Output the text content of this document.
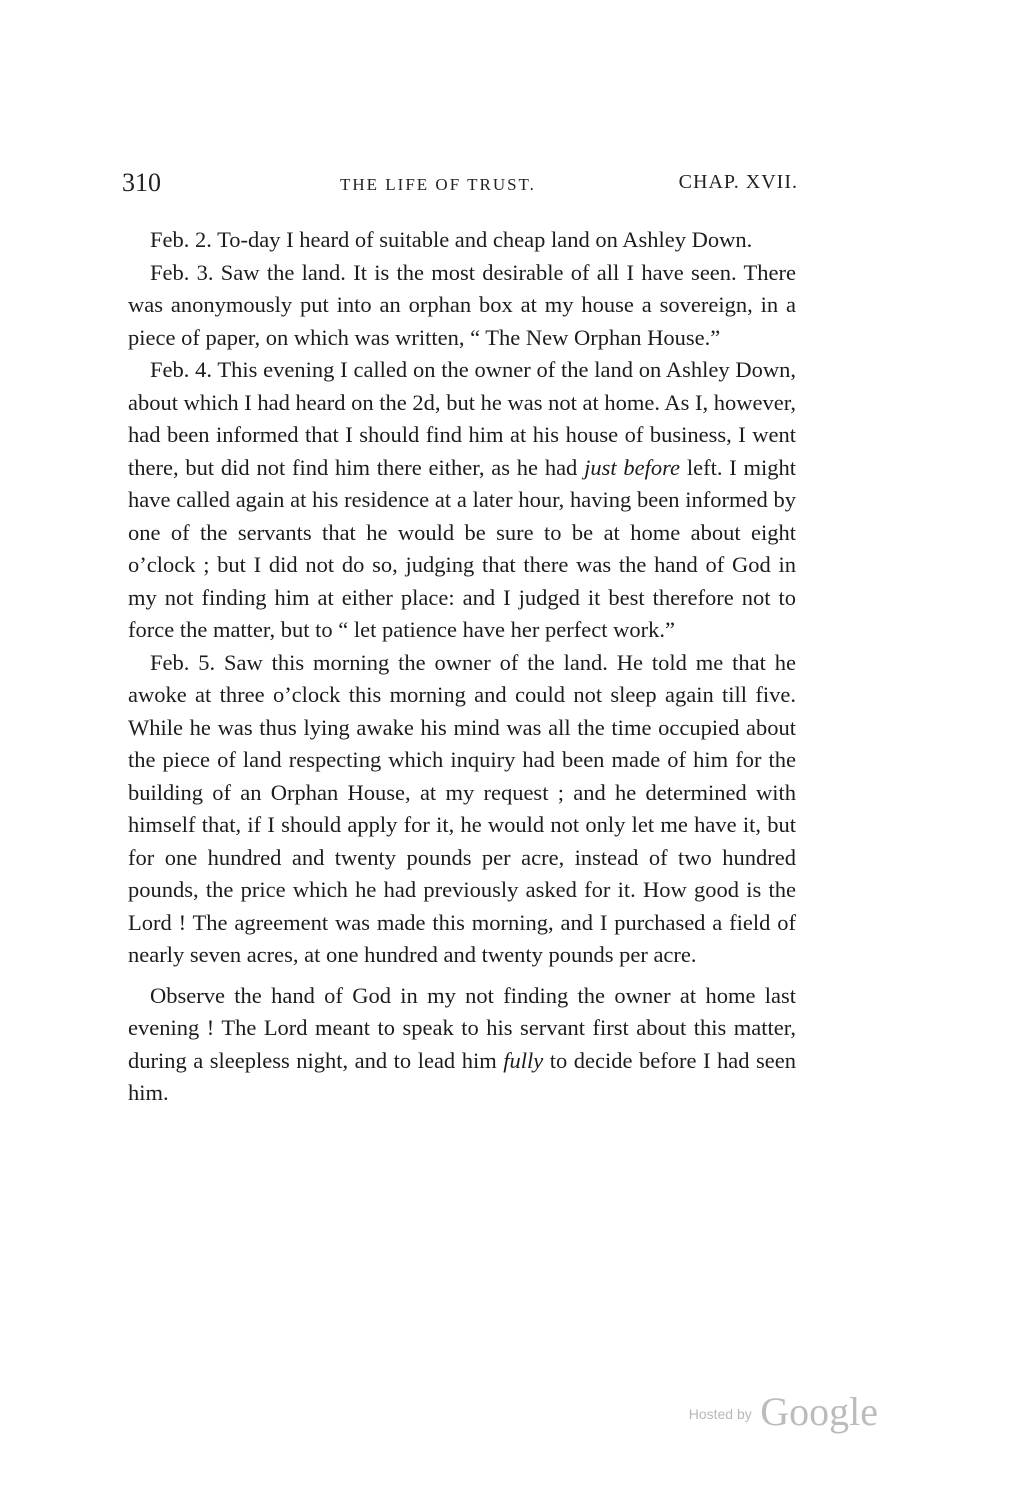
310	THE LIFE OF TRUST.	CHAP. XVII.

Feb. 2. To-day I heard of suitable and cheap land on Ashley Down.

Feb. 3. Saw the land. It is the most desirable of all I have seen. There was anonymously put into an orphan box at my house a sovereign, in a piece of paper, on which was written, “ The New Orphan House.”

Feb. 4. This evening I called on the owner of the land on Ashley Down, about which I had heard on the 2d, but he was not at home. As I, however, had been informed that I should find him at his house of business, I went there, but did not find him there either, as he had just before left. I might have called again at his residence at a later hour, having been informed by one of the servants that he would be sure to be at home about eight o’clock ; but I did not do so, judging that there was the hand of God in my not finding him at either place: and I judged it best therefore not to force the matter, but to “ let patience have her perfect work.”

Feb. 5. Saw this morning the owner of the land. He told me that he awoke at three o’clock this morning and could not sleep again till five. While he was thus lying awake his mind was all the time occupied about the piece of land respecting which inquiry had been made of him for the building of an Orphan House, at my request ; and he determined with himself that, if I should apply for it, he would not only let me have it, but for one hundred and twenty pounds per acre, instead of two hundred pounds, the price which he had previously asked for it. How good is the Lord ! The agreement was made this morning, and I purchased a field of nearly seven acres, at one hundred and twenty pounds per acre.

Observe the hand of God in my not finding the owner at home last evening ! The Lord meant to speak to his servant first about this matter, during a sleepless night, and to lead him fully to decide before I had seen him.

Hosted by Google
